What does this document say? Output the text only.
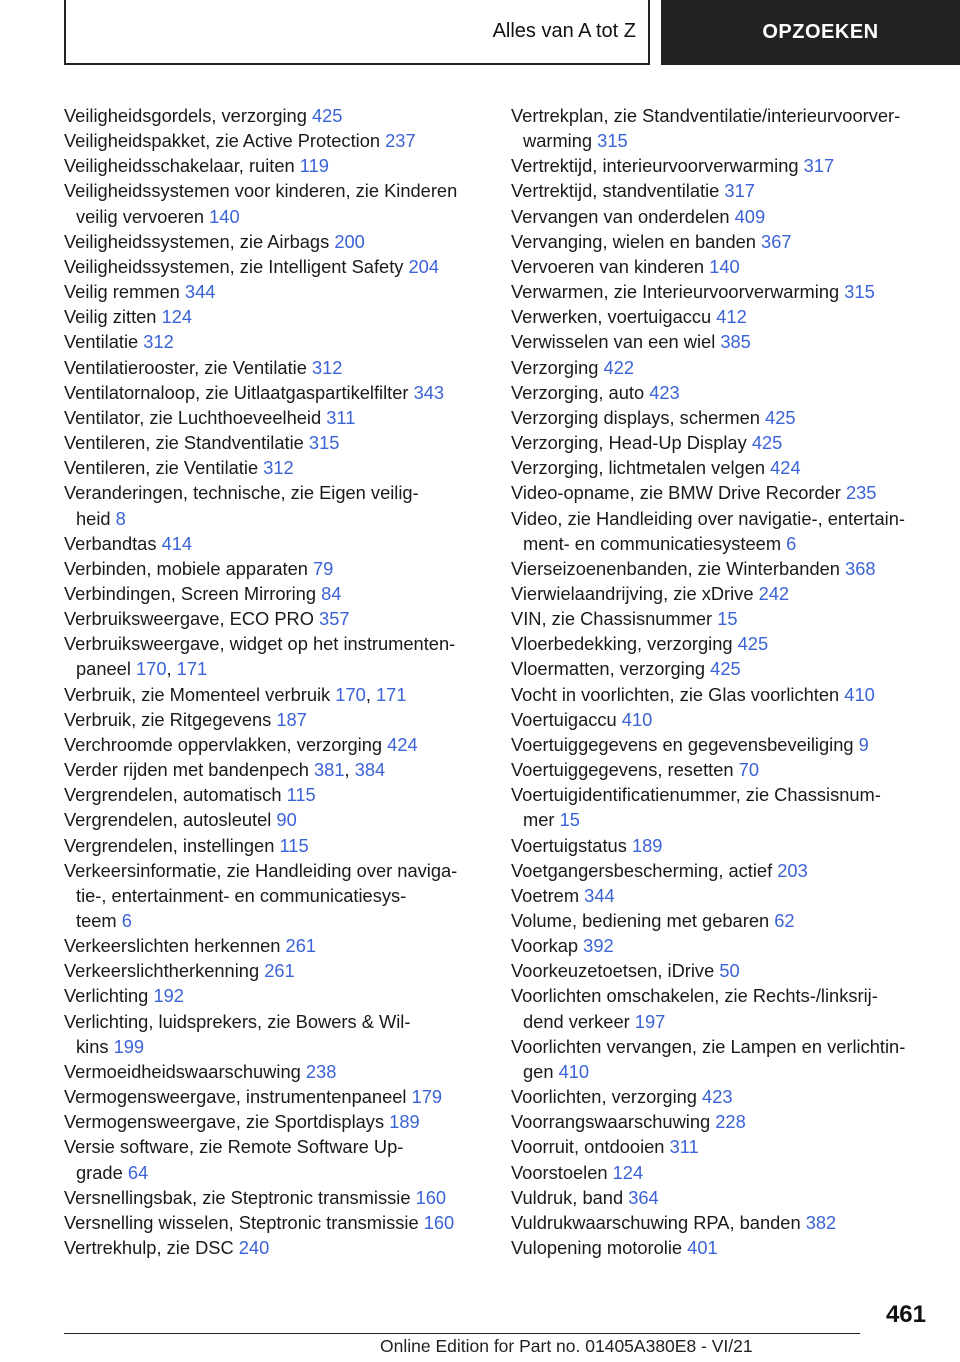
Alles van A tot Z	OPZOEKEN
Veiligheidsgordels, verzorging 425
Veiligheidspakket, zie Active Protection 237
Veiligheidsschakelaar, ruiten 119
Veiligheidssystemen voor kinderen, zie Kinderen
veilig vervoeren 140
Veiligheidssystemen, zie Airbags 200
Veiligheidssystemen, zie Intelligent Safety 204
Veilig remmen 344
Veilig zitten 124
Ventilatie 312
Ventilatierooster, zie Ventilatie 312
Ventilatornaloop, zie Uitlaatgaspartikelfilter 343
Ventilator, zie Luchthoeveelheid 311
Ventileren, zie Standventilatie 315
Ventileren, zie Ventilatie 312
Veranderingen, technische, zie Eigen veilig-
heid 8
Verbandtas 414
Verbinden, mobiele apparaten 79
Verbindingen, Screen Mirroring 84
Verbruiksweergave, ECO PRO 357
Verbruiksweergave, widget op het instrumenten-
paneel 170, 171
Verbruik, zie Momenteel verbruik 170, 171
Verbruik, zie Ritgegevens 187
Verchroomde oppervlakken, verzorging 424
Verder rijden met bandenpech 381, 384
Vergrendelen, automatisch 115
Vergrendelen, autosleutel 90
Vergrendelen, instellingen 115
Verkeersinformatie, zie Handleiding over naviga-
tie-, entertainment- en communicatiesys-
teem 6
Verkeerslichten herkennen 261
Verkeerslichtherkenning 261
Verlichting 192
Verlichting, luidsprekers, zie Bowers & Wil-
kins 199
Vermoeidheidswaarschuwing 238
Vermogensweergave, instrumentenpaneel 179
Vermogensweergave, zie Sportdisplays 189
Versie software, zie Remote Software Up-
grade 64
Versnellingsbak, zie Steptronic transmissie 160
Versnelling wisselen, Steptronic transmissie 160
Vertrekhulp, zie DSC 240
Vertrekplan, zie Standventilatie/interieurvoorver-
warming 315
Vertrektijd, interieurvoorverwarming 317
Vertrektijd, standventilatie 317
Vervangen van onderdelen 409
Vervanging, wielen en banden 367
Vervoeren van kinderen 140
Verwarmen, zie Interieurvoorverwarming 315
Verwerken, voertuigaccu 412
Verwisselen van een wiel 385
Verzorging 422
Verzorging, auto 423
Verzorging displays, schermen 425
Verzorging, Head-Up Display 425
Verzorging, lichtmetalen velgen 424
Video-opname, zie BMW Drive Recorder 235
Video, zie Handleiding over navigatie-, entertain-
ment- en communicatiesysteem 6
Vierseizoenenbanden, zie Winterbanden 368
Vierwielaandrijving, zie xDrive 242
VIN, zie Chassisnummer 15
Vloerbedekking, verzorging 425
Vloermatten, verzorging 425
Vocht in voorlichten, zie Glas voorlichten 410
Voertuigaccu 410
Voertuiggegevens en gegevensbeveiliging 9
Voertuiggegevens, resetten 70
Voertuigidentificatienummer, zie Chassisnum-
mer 15
Voertuigstatus 189
Voetgangersbescherming, actief 203
Voetrem 344
Volume, bediening met gebaren 62
Voorkap 392
Voorkeuzetoetsen, iDrive 50
Voorlichten omschakelen, zie Rechts-/linksrij-
dend verkeer 197
Voorlichten vervangen, zie Lampen en verlichtin-
gen 410
Voorlichten, verzorging 423
Voorrangswaarschuwing 228
Voorruit, ontdooien 311
Voorstoelen 124
Vuldruk, band 364
Vuldrukwaarschuwing RPA, banden 382
Vulopening motorolie 401
461
Online Edition for Part no. 01405A380E8 - VI/21
